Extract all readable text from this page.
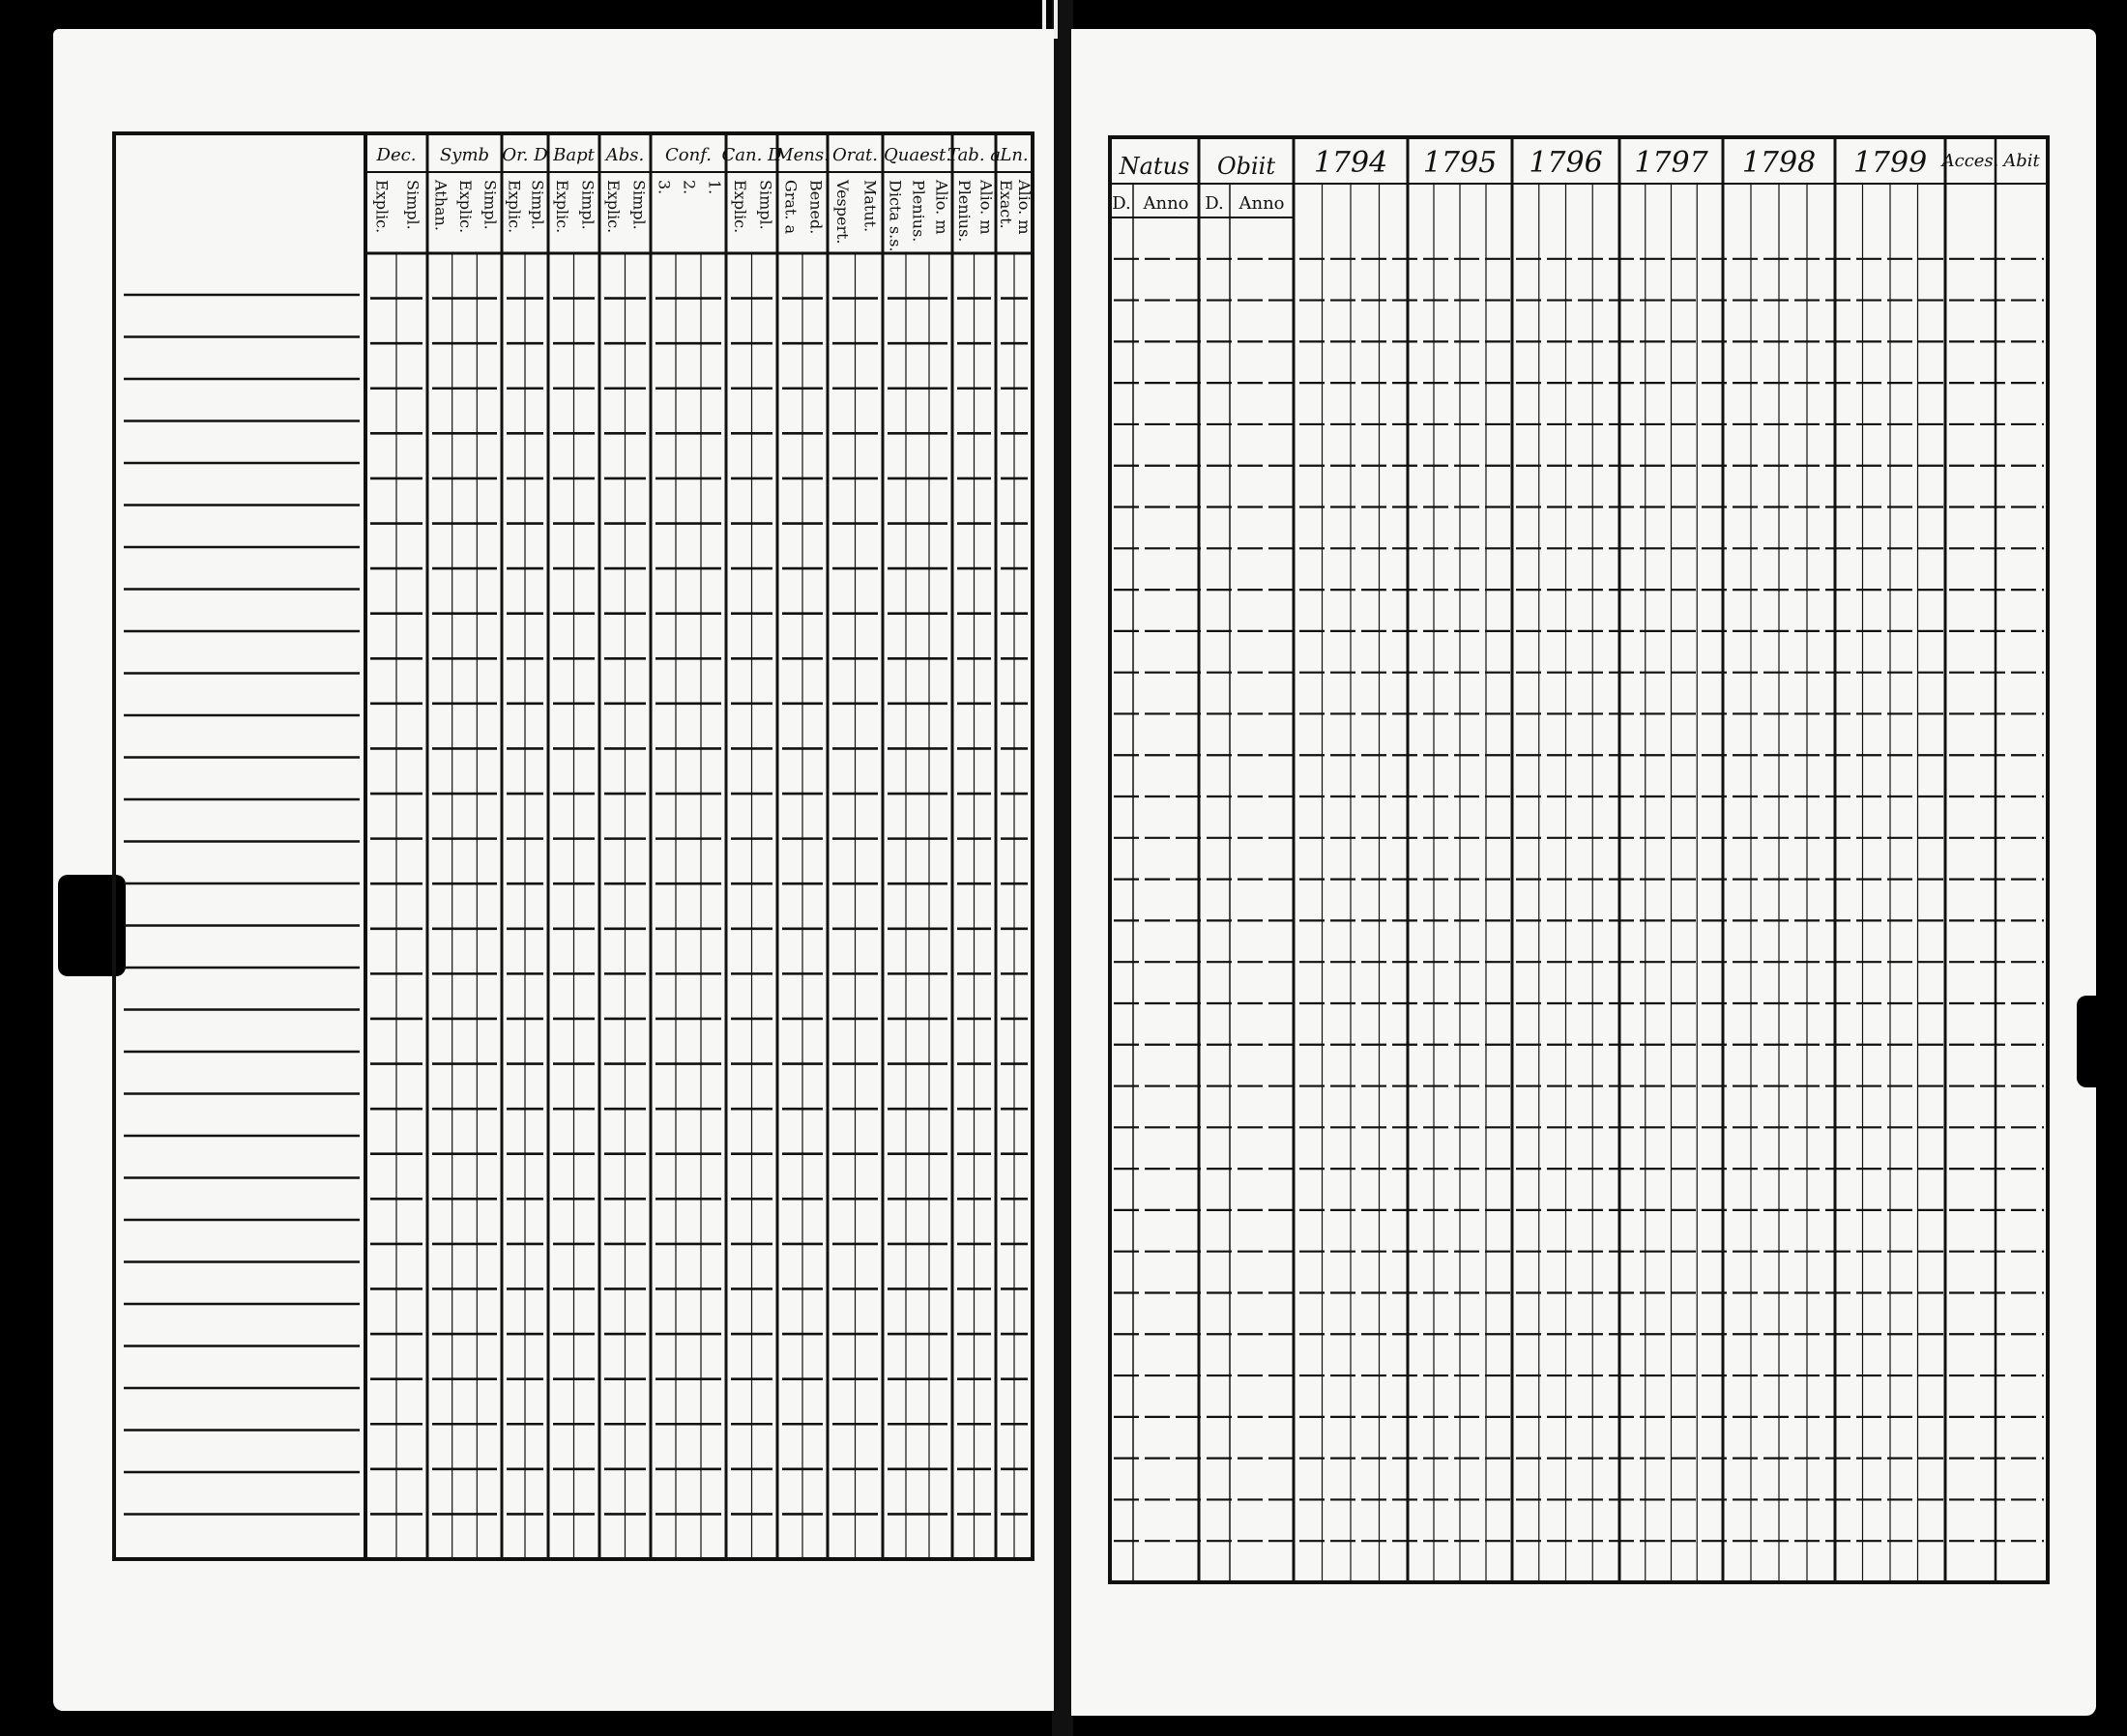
Dec. Symb Or. D Bapt Abs. Conf. Can. D
Mens. Orat. Quaest.
Tab. a Ln.
Explic. Simpl. Athan. Explic. Simpl. Explic. Simpl. Explic. Simpl. Explic. Simpl. 3. 2. 1. Explic. Simpl. Grat. a Bened. Vespert. Matut. Dicta s.s. Plenius. Alio. m Plenius. Alio. m Exact. Alio. m
Natus Obiit 1794 1795 1796 1797 1798 1799 Acces. Abit
D. Anno D. Anno
